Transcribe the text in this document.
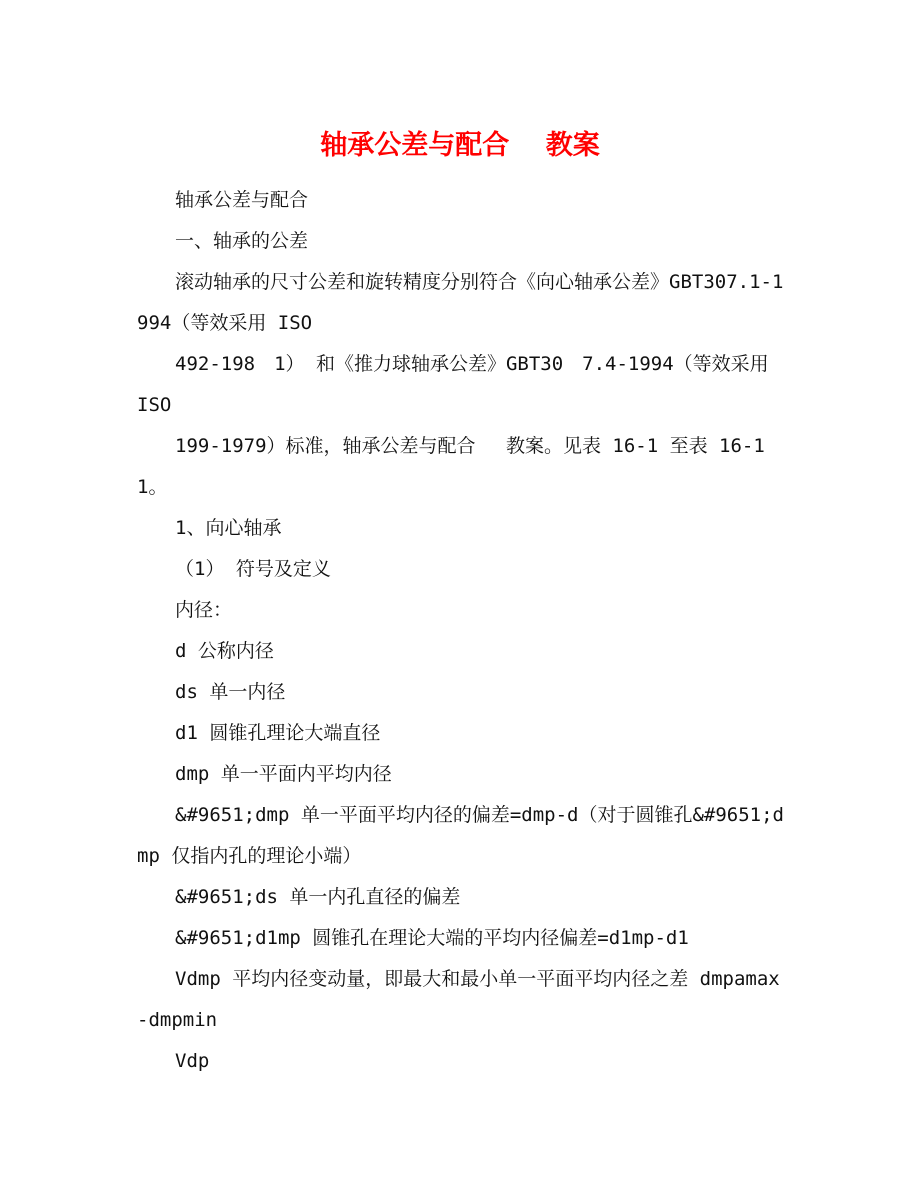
轴承公差与配合　 教案

轴承公差与配合

一、轴承的公差

滚动轴承的尺寸公差和旋转精度分别符合《向心轴承公差》GBT307.1-1994（等效采用 ISO

492-198　1） 和《推力球轴承公差》GBT30　7.4-1994（等效采用 ISO

199-1979）标准，轴承公差与配合　 教案。见表 16-1 至表 16-11。

1、向心轴承

（1） 符号及定义

内径：

d 公称内径

ds 单一内径

d1 圆锥孔理论大端直径

dmp 单一平面内平均内径

&#9651;dmp 单一平面平均内径的偏差=dmp-d（对于圆锥孔&#9651;dmp 仅指内孔的理论小端）

&#9651;ds 单一内孔直径的偏差

&#9651;d1mp 圆锥孔在理论大端的平均内径偏差=d1mp-d1

Vdmp 平均内径变动量，即最大和最小单一平面平均内径之差 dmpamax-dmpmin

Vdp
